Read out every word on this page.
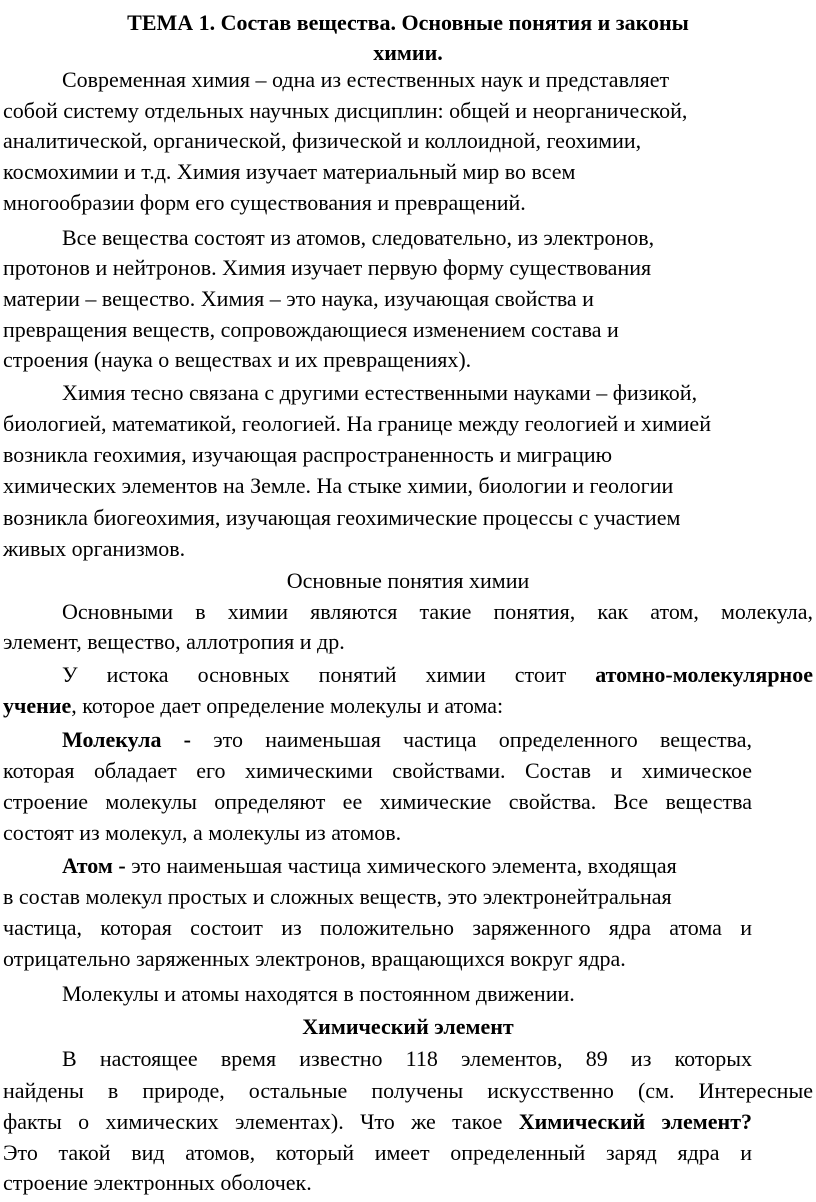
ТЕМА 1. Состав вещества. Основные понятия и законы
химии.
Современная химия – одна из естественных наук и представляет
собой систему отдельных научных дисциплин: общей и неорганической,
аналитической, органической, физической и коллоидной, геохимии,
космохимии и т.д. Химия изучает материальный мир во всем
многообразии форм его существования и превращений.
Все вещества состоят из атомов, следовательно, из электронов,
протонов и нейтронов. Химия изучает первую форму существования
материи – вещество. Химия – это наука, изучающая свойства и
превращения веществ, сопровождающиеся изменением состава и
строения (наука о веществах и их превращениях).
Химия тесно связана с другими естественными науками – физикой,
биологией, математикой, геологией. На границе между геологией и химией
возникла геохимия, изучающая распространенность и миграцию
химических элементов на Земле. На стыке химии, биологии и геологии
возникла биогеохимия, изучающая геохимические процессы с участием
живых организмов.
Основные понятия химии
Основными в химии являются такие понятия, как атом, молекула,
элемент, вещество, аллотропия и др.
У истока основных понятий химии стоит атомно-молекулярное
учение, которое дает определение молекулы и атома:
Молекула - это наименьшая частица определенного вещества,
которая обладает его химическими свойствами. Состав и химическое
строение молекулы определяют ее химические свойства. Все вещества
состоят из молекул, а молекулы из атомов.
Атом - это наименьшая частица химического элемента, входящая
в состав молекул простых и сложных веществ, это электронейтральная
частица, которая состоит из положительно заряженного ядра атома и
отрицательно заряженных электронов, вращающихся вокруг ядра.
Молекулы и атомы находятся в постоянном движении.
Химический элемент
В настоящее время известно 118 элементов, 89 из которых
найдены в природе, остальные получены искусственно (см. Интересные
факты о химических элементах). Что же такое Химический элемент?
Это такой вид атомов, который имеет определенный заряд ядра и
строение электронных оболочек.
